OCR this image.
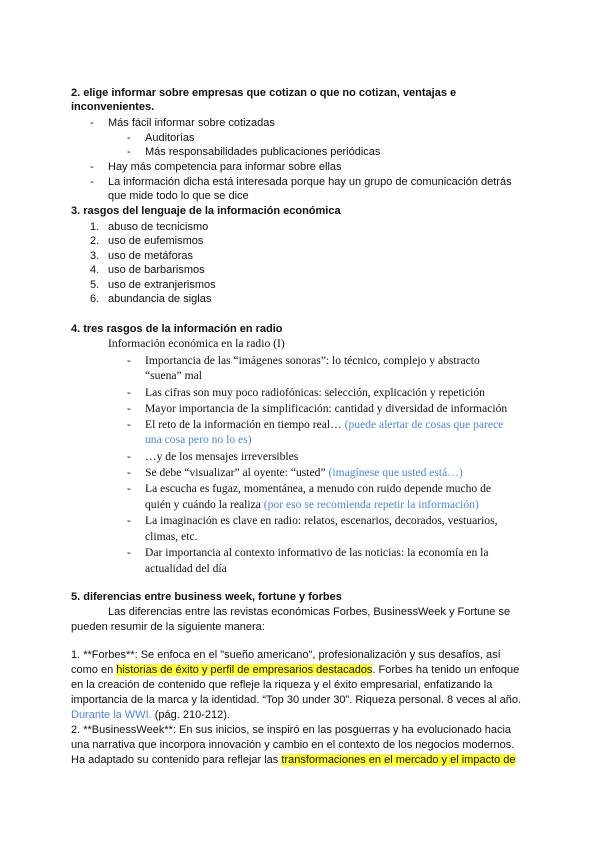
2. elige informar sobre empresas que cotizan o que no cotizan, ventajas e
inconvenientes.
- Más fácil informar sobre cotizadas
- Auditorías
- Más responsabilidades publicaciones periódicas
- Hay más competencia para informar sobre ellas
- La información dicha está interesada porque hay un grupo de comunicación detrás
que mide todo lo que se dice
3. rasgos del lenguaje de la información económica
1. abuso de tecnicismo
2. uso de eufemismos
3. uso de metáforas
4. uso de barbarismos
5. uso de extranjerismos
6. abundancia de siglas
4. tres rasgos de la información en radio
Información económica en la radio (I)
- Importancia de las “imágenes sonoras”: lo técnico, complejo y abstracto
“suena” mal
- Las cifras son muy poco radiofónicas: selección, explicación y repetición
- Mayor importancia de la simplificación: cantidad y diversidad de información
- El reto de la información en tiempo real… (puede alertar de cosas que parece
una cosa pero no lo es)
- …y de los mensajes irreversibles
- Se debe “visualizar” al oyente: “usted” (imagínese que usted está…)
- La escucha es fugaz, momentánea, a menudo con ruido depende mucho de
quién y cuándo la realiza (por eso se recomienda repetir la información)
- La imaginación es clave en radio: relatos, escenarios, decorados, vestuarios,
climas, etc.
- Dar importancia al contexto informativo de las noticias: la economía en la
actualidad del día
5. diferencias entre business week, fortune y forbes
Las diferencias entre las revistas económicas Forbes, BusinessWeek y Fortune se
pueden resumir de la siguiente manera:
1. **Forbes**: Se enfoca en el "sueño americano", profesionalización y sus desafíos, así
como en historias de éxito y perfil de empresarios destacados. Forbes ha tenido un enfoque
en la creación de contenido que refleje la riqueza y el éxito empresarial, enfatizando la
importancia de la marca y la identidad. “Top 30 under 30”. Riqueza personal. 8 veces al año.
Durante la WWI. (pág. 210-212).
2. **BusinessWeek**: En sus inicios, se inspiró en las posguerras y ha evolucionado hacia
una narrativa que incorpora innovación y cambio en el contexto de los negocios modernos.
Ha adaptado su contenido para reflejar las transformaciones en el mercado y el impacto de
